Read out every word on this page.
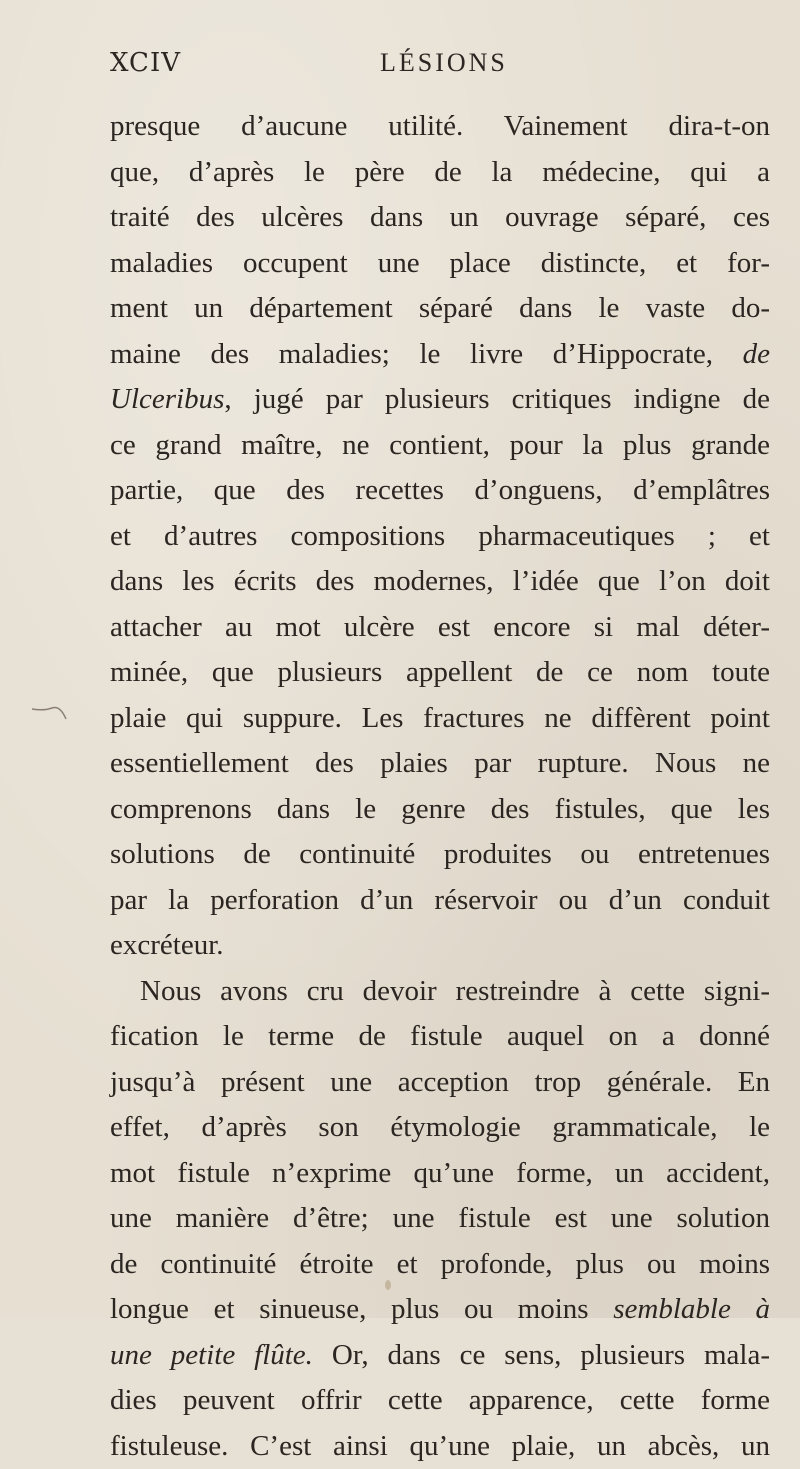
XCIV	LÉSIONS
presque d’aucune utilité. Vainement dira-t-on
que, d’après le père de la médecine, qui a
traité des ulcères dans un ouvrage séparé, ces
maladies occupent une place distincte, et for-
ment un département séparé dans le vaste do-
maine des maladies; le livre d’Hippocrate, de
Ulceribus, jugé par plusieurs critiques indigne de
ce grand maître, ne contient, pour la plus grande
partie, que des recettes d’onguens, d’emplâtres
et d’autres compositions pharmaceutiques ; et
dans les écrits des modernes, l’idée que l’on doit
attacher au mot ulcère est encore si mal déter-
minée, que plusieurs appellent de ce nom toute
plaie qui suppure. Les fractures ne diffèrent point
essentiellement des plaies par rupture. Nous ne
comprenons dans le genre des fistules, que les
solutions de continuité produites ou entretenues
par la perforation d’un réservoir ou d’un conduit
excréteur.
Nous avons cru devoir restreindre à cette signi-
fication le terme de fistule auquel on a donné
jusqu’à présent une acception trop générale. En
effet, d’après son étymologie grammaticale, le
mot fistule n’exprime qu’une forme, un accident,
une manière d’être; une fistule est une solution
de continuité étroite et profonde, plus ou moins
longue et sinueuse, plus ou moins semblable à
une petite flûte. Or, dans ce sens, plusieurs mala-
dies peuvent offrir cette apparence, cette forme
fistuleuse. C’est ainsi qu’une plaie, un abcès, un
